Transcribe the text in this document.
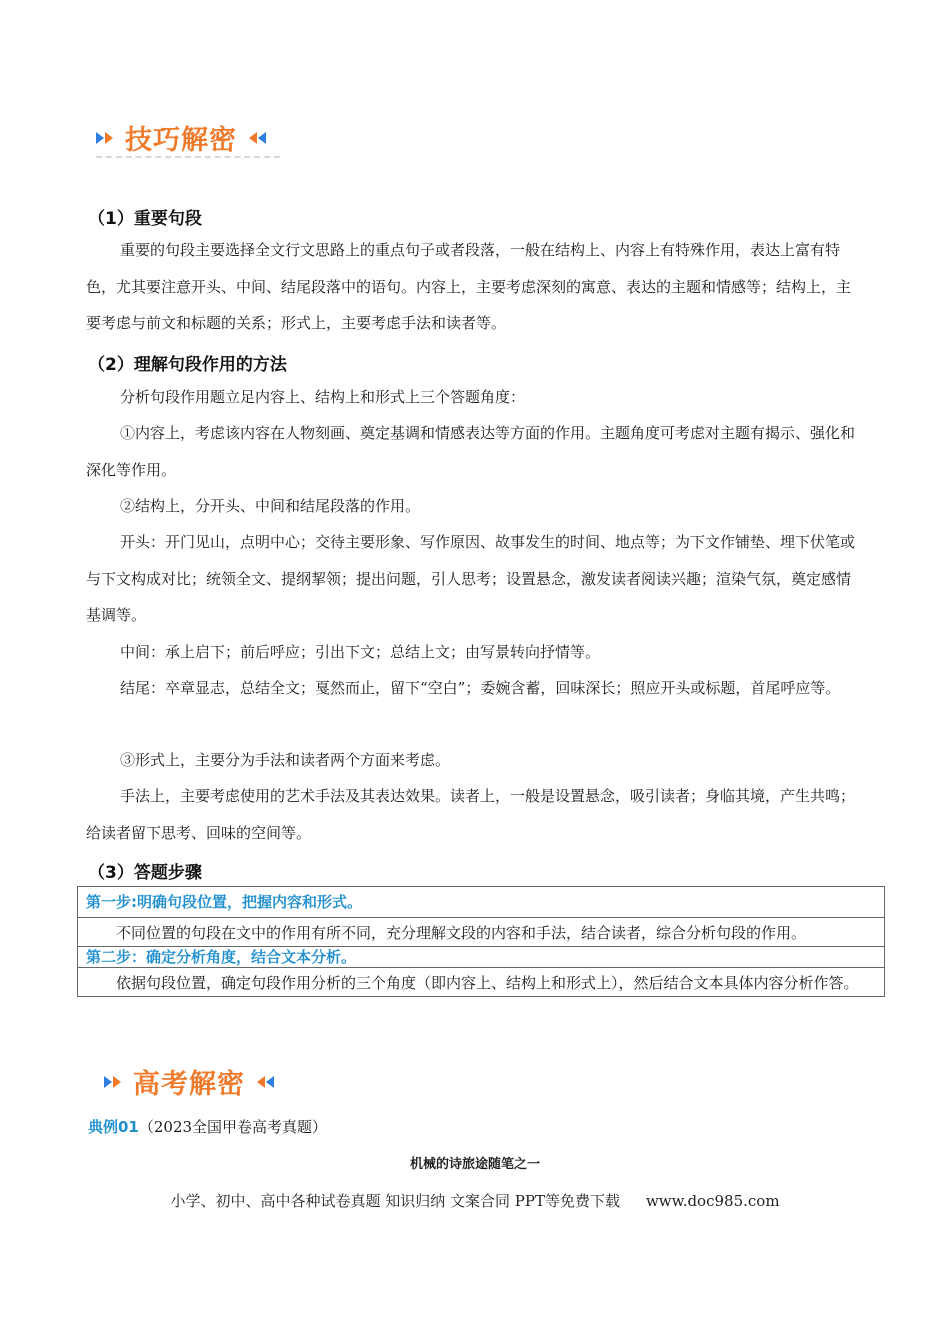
技巧解密
（1）重要句段
重要的句段主要选择全文行文思路上的重点句子或者段落，一般在结构上、内容上有特殊作用，表达上富有特色，尤其要注意开头、中间、结尾段落中的语句。内容上，主要考虑深刻的寓意、表达的主题和情感等；结构上，主要考虑与前文和标题的关系；形式上，主要考虑手法和读者等。
（2）理解句段作用的方法
分析句段作用题立足内容上、结构上和形式上三个答题角度：
①内容上，考虑该内容在人物刻画、奠定基调和情感表达等方面的作用。主题角度可考虑对主题有揭示、强化和深化等作用。
②结构上，分开头、中间和结尾段落的作用。
开头：开门见山，点明中心；交待主要形象、写作原因、故事发生的时间、地点等；为下文作铺垫、埋下伏笔或与下文构成对比；统领全文、提纲挈领；提出问题，引人思考；设置悬念，激发读者阅读兴趣；渲染气氛，奠定感情基调等。
中间：承上启下；前后呼应；引出下文；总结上文；由写景转向抒情等。
结尾：卒章显志，总结全文；戛然而止，留下“空白”；委婉含蓄，回味深长；照应开头或标题，首尾呼应等。
③形式上，主要分为手法和读者两个方面来考虑。
手法上，主要考虑使用的艺术手法及其表达效果。读者上，一般是设置悬念，吸引读者；身临其境，产生共鸣；给读者留下思考、回味的空间等。
（3）答题步骤
第一步:明确句段位置，把握内容和形式。
不同位置的句段在文中的作用有所不同，充分理解文段的内容和手法，结合读者，综合分析句段的作用。
第二步：确定分析角度，结合文本分析。
依据句段位置，确定句段作用分析的三个角度（即内容上、结构上和形式上），然后结合文本具体内容分析作答。
高考解密
典例01（2023全国甲卷高考真题）
机械的诗旅途随笔之一
小学、初中、高中各种试卷真题 知识归纳 文案合同 PPT等免费下载 www.doc985.com
